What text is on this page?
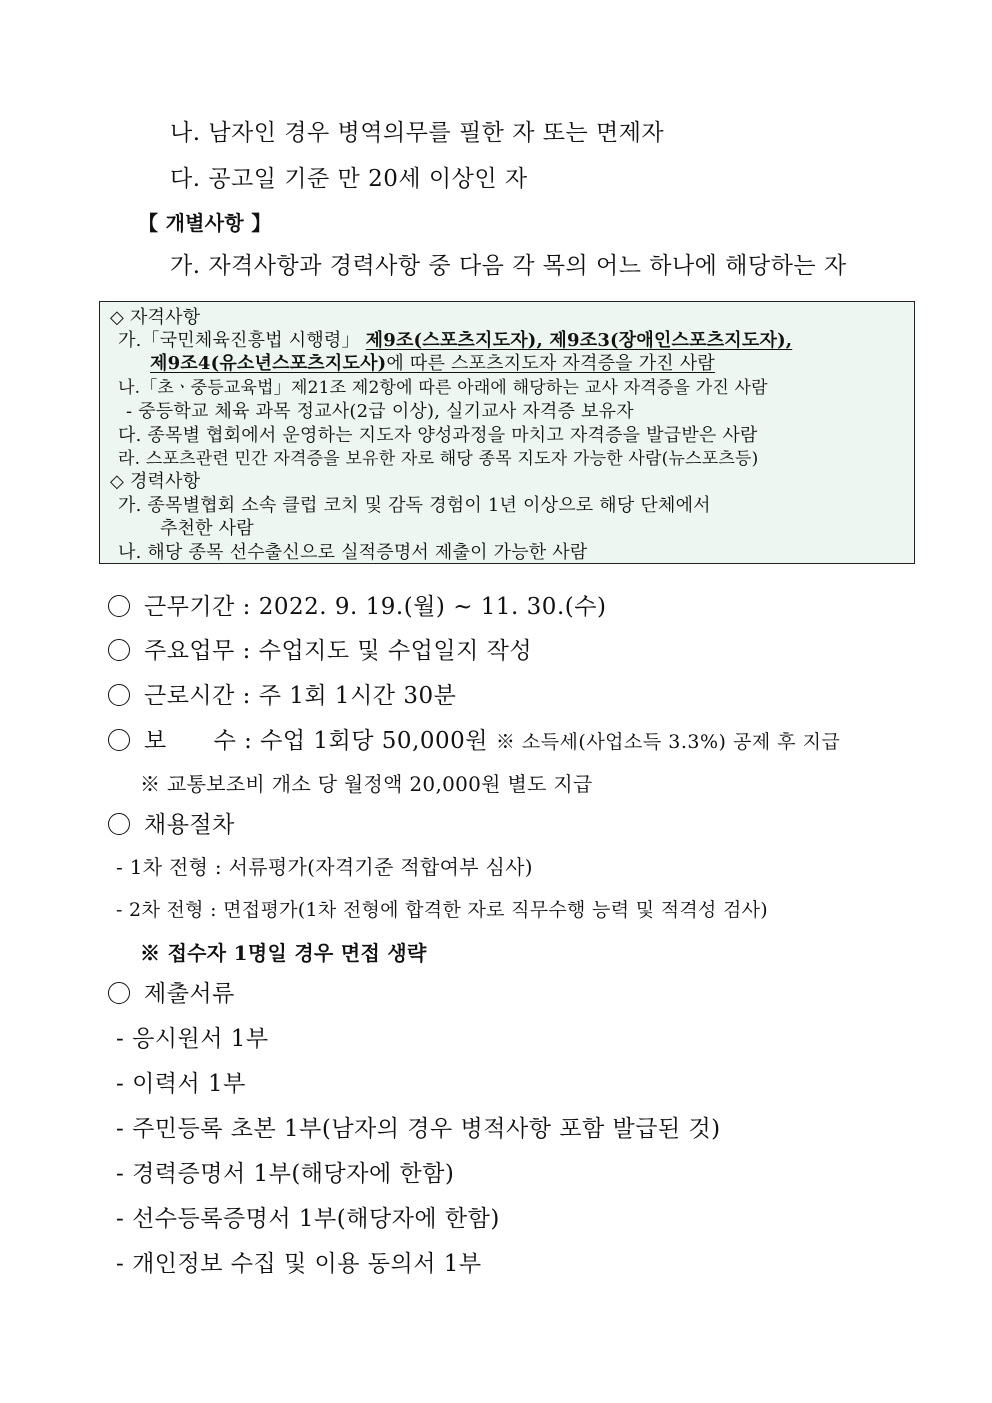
나. 남자인 경우 병역의무를 필한 자 또는 면제자
다. 공고일 기준 만 20세 이상인 자
【 개별사항 】
가. 자격사항과 경력사항 중 다음 각 목의 어느 하나에 해당하는 자
◇ 자격사항
가.「국민체육진흥법 시행령」 제9조(스포츠지도자), 제9조3(장애인스포츠지도자),
제9조4(유소년스포츠지도사)에 따른 스포츠지도자 자격증을 가진 사람
나.「초ㆍ중등교육법」제21조 제2항에 따른 아래에 해당하는 교사 자격증을 가진 사람
- 중등학교 체육 과목 정교사(2급 이상), 실기교사 자격증 보유자
다. 종목별 협회에서 운영하는 지도자 양성과정을 마치고 자격증을 발급받은 사람
라. 스포츠관련 민간 자격증을 보유한 자로 해당 종목 지도자 가능한 사람(뉴스포츠등)
◇ 경력사항
가. 종목별협회 소속 클럽 코치 및 감독 경험이 1년 이상으로 해당 단체에서
추천한 사람
나. 해당 종목 선수출신으로 실적증명서 제출이 가능한 사람
근무기간 : 2022. 9. 19.(월) ~ 11. 30.(수)
주요업무 : 수업지도 및 수업일지 작성
근로시간 : 주 1회 1시간 30분
보      수 : 수업 1회당 50,000원 ※ 소득세(사업소득 3.3%) 공제 후 지급
※ 교통보조비 개소 당 월정액 20,000원 별도 지급
채용절차
- 1차 전형 : 서류평가(자격기준 적합여부 심사)
- 2차 전형 : 면접평가(1차 전형에 합격한 자로 직무수행 능력 및 적격성 검사)
※ 접수자 1명일 경우 면접 생략
제출서류
- 응시원서 1부
- 이력서 1부
- 주민등록 초본 1부(남자의 경우 병적사항 포함 발급된 것)
- 경력증명서 1부(해당자에 한함)
- 선수등록증명서 1부(해당자에 한함)
- 개인정보 수집 및 이용 동의서 1부
